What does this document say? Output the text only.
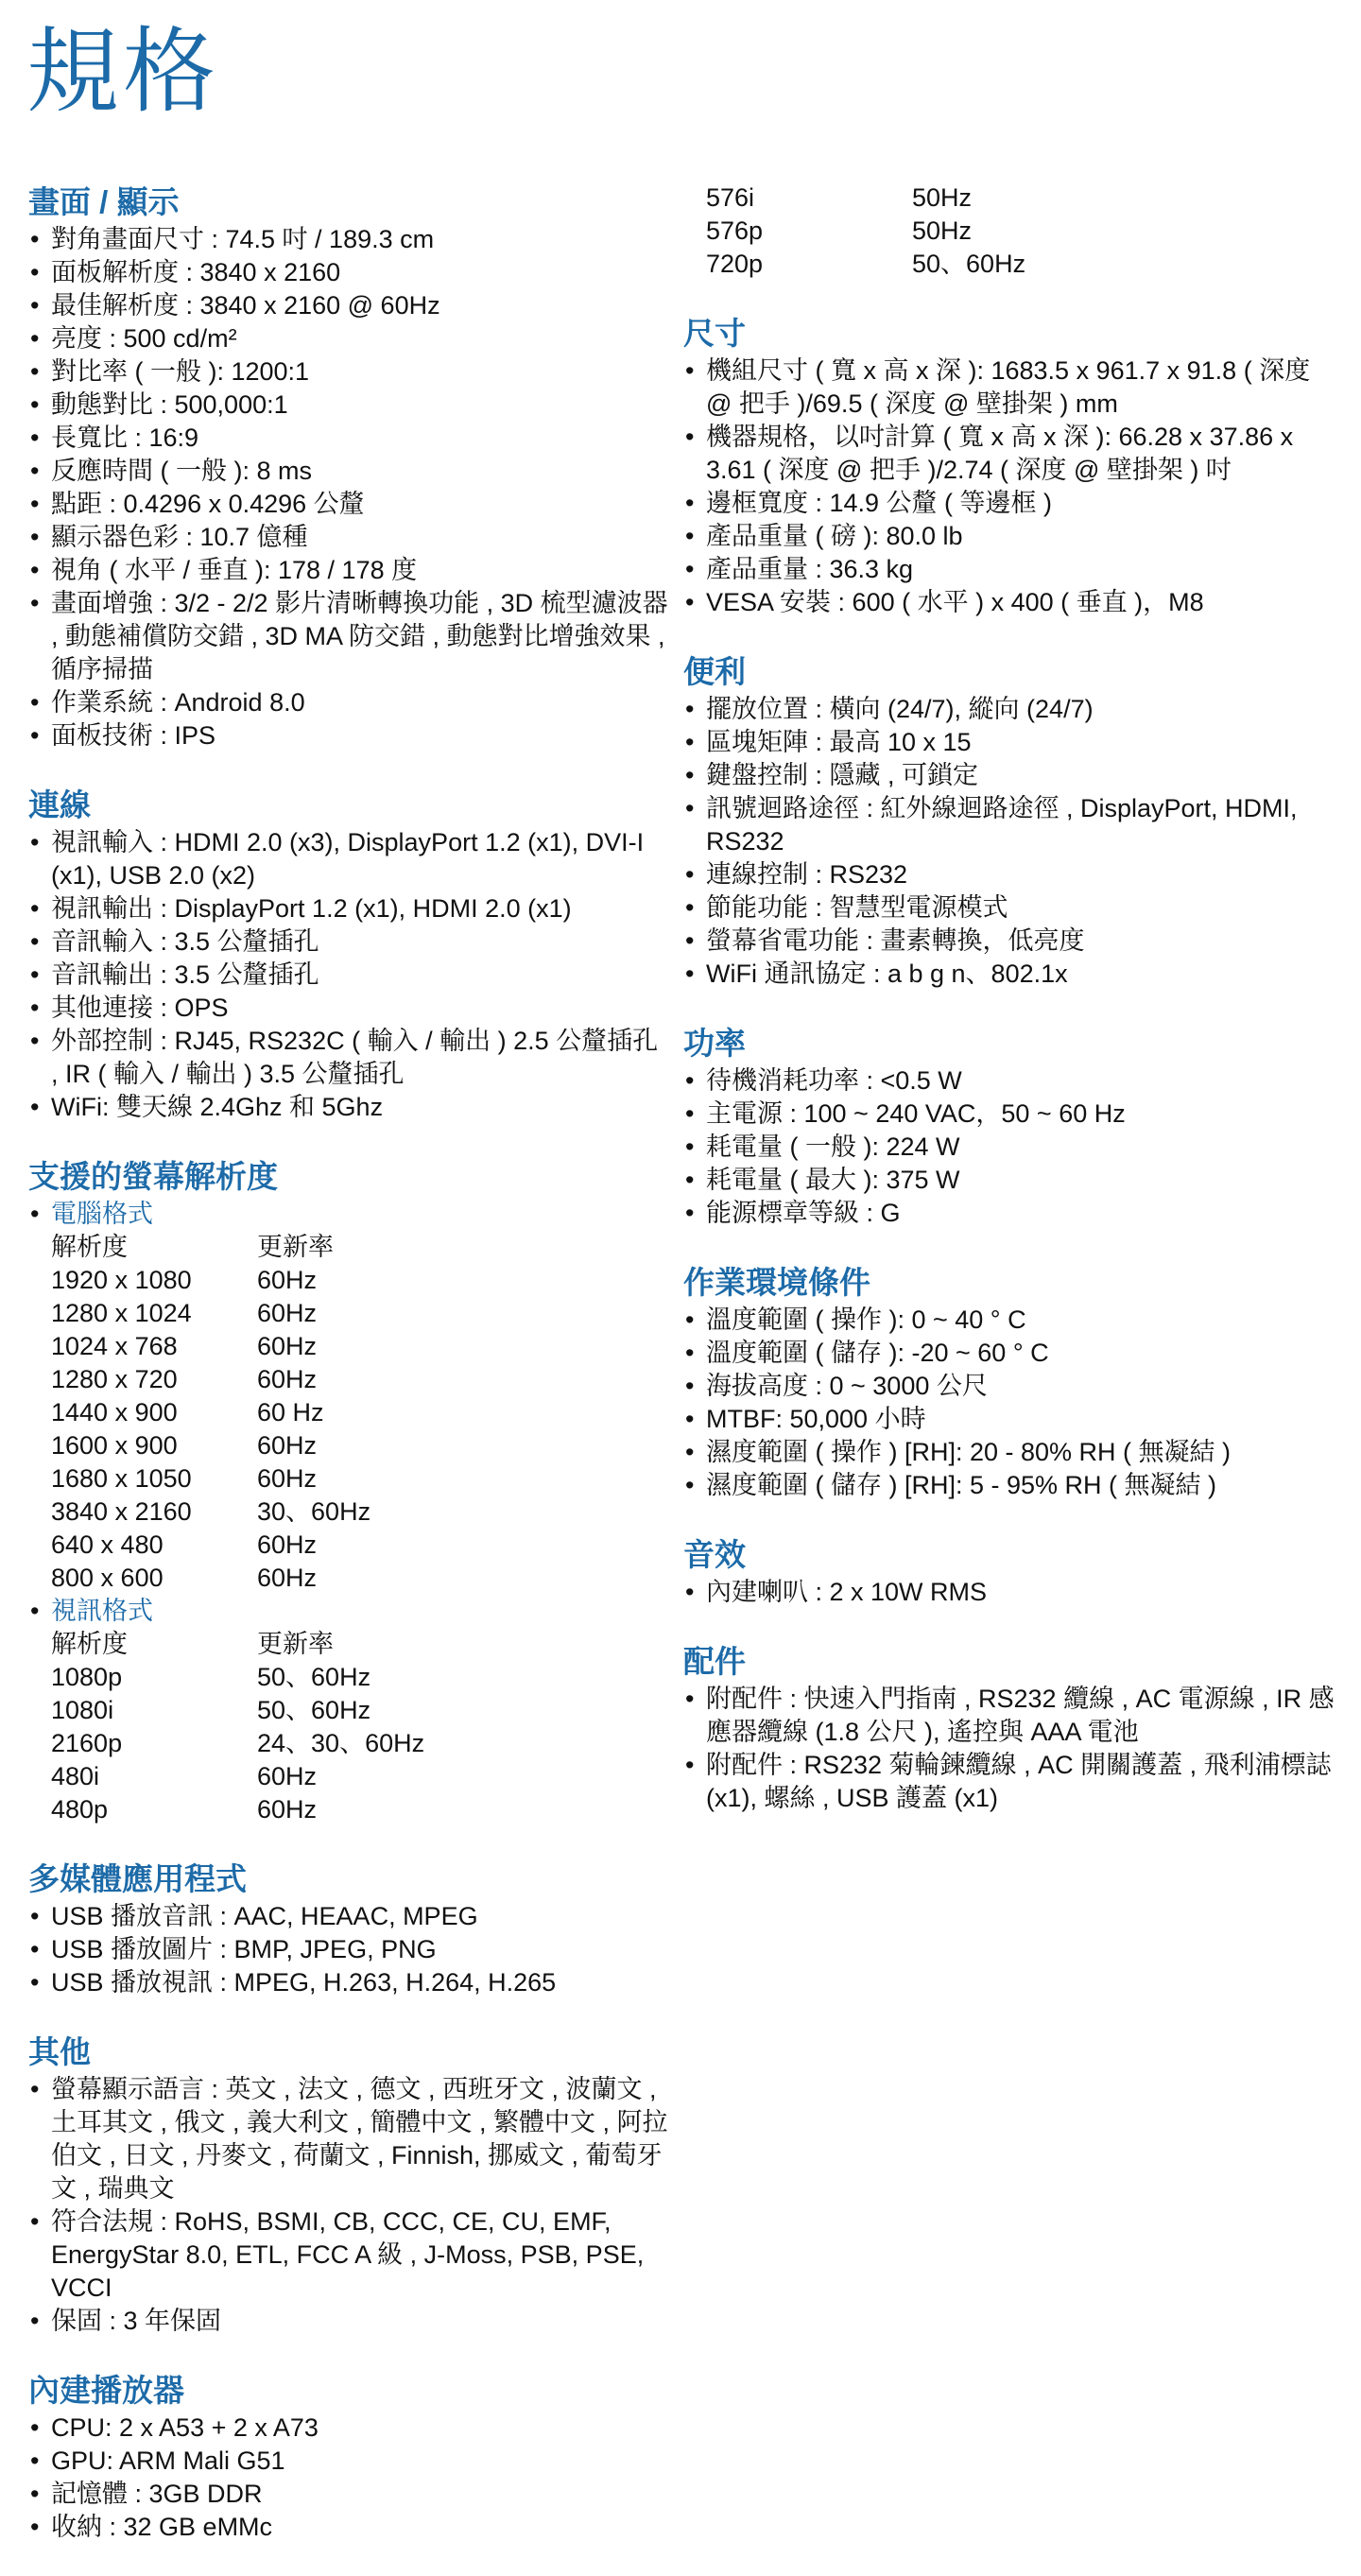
規格
畫面 / 顯示
• 對角畫面尺寸 : 74.5 吋 / 189.3 cm
• 面板解析度 : 3840 x 2160
• 最佳解析度 : 3840 x 2160 @ 60Hz
• 亮度 : 500 cd/m²
• 對比率 ( 一般 ): 1200:1
• 動態對比 : 500,000:1
• 長寬比 : 16:9
• 反應時間 ( 一般 ): 8 ms
• 點距 : 0.4296 x 0.4296 公釐
• 顯示器色彩 : 10.7 億種
• 視角 ( 水平 / 垂直 ): 178 / 178 度
• 畫面增強 : 3/2 - 2/2 影片清晰轉換功能 , 3D 梳型濾波器 , 動態補償防交錯 , 3D MA 防交錯 , 動態對比增強效果 , 循序掃描
• 作業系統 : Android 8.0
• 面板技術 : IPS
連線
• 視訊輸入 : HDMI 2.0 (x3), DisplayPort 1.2 (x1), DVI-I (x1), USB 2.0 (x2)
• 視訊輸出 : DisplayPort 1.2 (x1), HDMI 2.0 (x1)
• 音訊輸入 : 3.5 公釐插孔
• 音訊輸出 : 3.5 公釐插孔
• 其他連接 : OPS
• 外部控制 : RJ45, RS232C ( 輸入 / 輸出 ) 2.5 公釐插孔 , IR ( 輸入 / 輸出 ) 3.5 公釐插孔
• WiFi: 雙天線 2.4Ghz 和 5Ghz
支援的螢幕解析度
• 電腦格式
解析度	更新率
1920 x 1080	60Hz
1280 x 1024	60Hz
1024 x 768	60Hz
1280 x 720	60Hz
1440 x 900	60 Hz
1600 x 900	60Hz
1680 x 1050	60Hz
3840 x 2160	30、60Hz
640 x 480	60Hz
800 x 600	60Hz
• 視訊格式
解析度	更新率
1080p	50、60Hz
1080i	50、60Hz
2160p	24、30、60Hz
480i	60Hz
480p	60Hz
多媒體應用程式
• USB 播放音訊 : AAC, HEAAC, MPEG
• USB 播放圖片 : BMP, JPEG, PNG
• USB 播放視訊 : MPEG, H.263, H.264, H.265
其他
• 螢幕顯示語言 : 英文 , 法文 , 德文 , 西班牙文 , 波蘭文 , 土耳其文 , 俄文 , 義大利文 , 簡體中文 , 繁體中文 , 阿拉伯文 , 日文 , 丹麥文 , 荷蘭文 , Finnish, 挪威文 , 葡萄牙文 , 瑞典文
• 符合法規 : RoHS, BSMI, CB, CCC, CE, CU, EMF, EnergyStar 8.0, ETL, FCC A 級 , J-Moss, PSB, PSE, VCCI
• 保固 : 3 年保固
內建播放器
• CPU: 2 x A53 + 2 x A73
• GPU: ARM Mali G51
• 記憶體 : 3GB DDR
• 收納 : 32 GB eMMc
576i	50Hz
576p	50Hz
720p	50、60Hz
尺寸
• 機組尺寸 ( 寬 x 高 x 深 ): 1683.5 x 961.7 x 91.8 ( 深度 @ 把手 )/69.5 ( 深度 @ 壁掛架 ) mm
• 機器規格，以吋計算 ( 寬 x 高 x 深 ): 66.28 x 37.86 x 3.61 ( 深度 @ 把手 )/2.74 ( 深度 @ 壁掛架 ) 吋
• 邊框寬度 : 14.9 公釐 ( 等邊框 )
• 產品重量 ( 磅 ): 80.0 lb
• 產品重量 : 36.3 kg
• VESA 安裝 : 600 ( 水平 ) x 400 ( 垂直 )，M8
便利
• 擺放位置 : 橫向 (24/7), 縱向 (24/7)
• 區塊矩陣 : 最高 10 x 15
• 鍵盤控制 : 隱藏 , 可鎖定
• 訊號迴路途徑 : 紅外線迴路途徑 , DisplayPort, HDMI, RS232
• 連線控制 : RS232
• 節能功能 : 智慧型電源模式
• 螢幕省電功能 : 畫素轉換，低亮度
• WiFi 通訊協定 : a b g n、802.1x
功率
• 待機消耗功率 : <0.5 W
• 主電源 : 100 ~ 240 VAC，50 ~ 60 Hz
• 耗電量 ( 一般 ): 224 W
• 耗電量 ( 最大 ): 375 W
• 能源標章等級 : G
作業環境條件
• 溫度範圍 ( 操作 ): 0 ~ 40 ° C
• 溫度範圍 ( 儲存 ): -20 ~ 60 ° C
• 海拔高度 : 0 ~ 3000 公尺
• MTBF: 50,000 小時
• 濕度範圍 ( 操作 ) [RH]: 20 - 80% RH ( 無凝結 )
• 濕度範圍 ( 儲存 ) [RH]: 5 - 95% RH ( 無凝結 )
音效
• 內建喇叭 : 2 x 10W RMS
配件
• 附配件 : 快速入門指南 , RS232 纜線 , AC 電源線 , IR 感應器纜線 (1.8 公尺 ), 遙控與 AAA 電池
• 附配件 : RS232 菊輪鍊纜線 , AC 開關護蓋 , 飛利浦標誌 (x1), 螺絲 , USB 護蓋 (x1)
